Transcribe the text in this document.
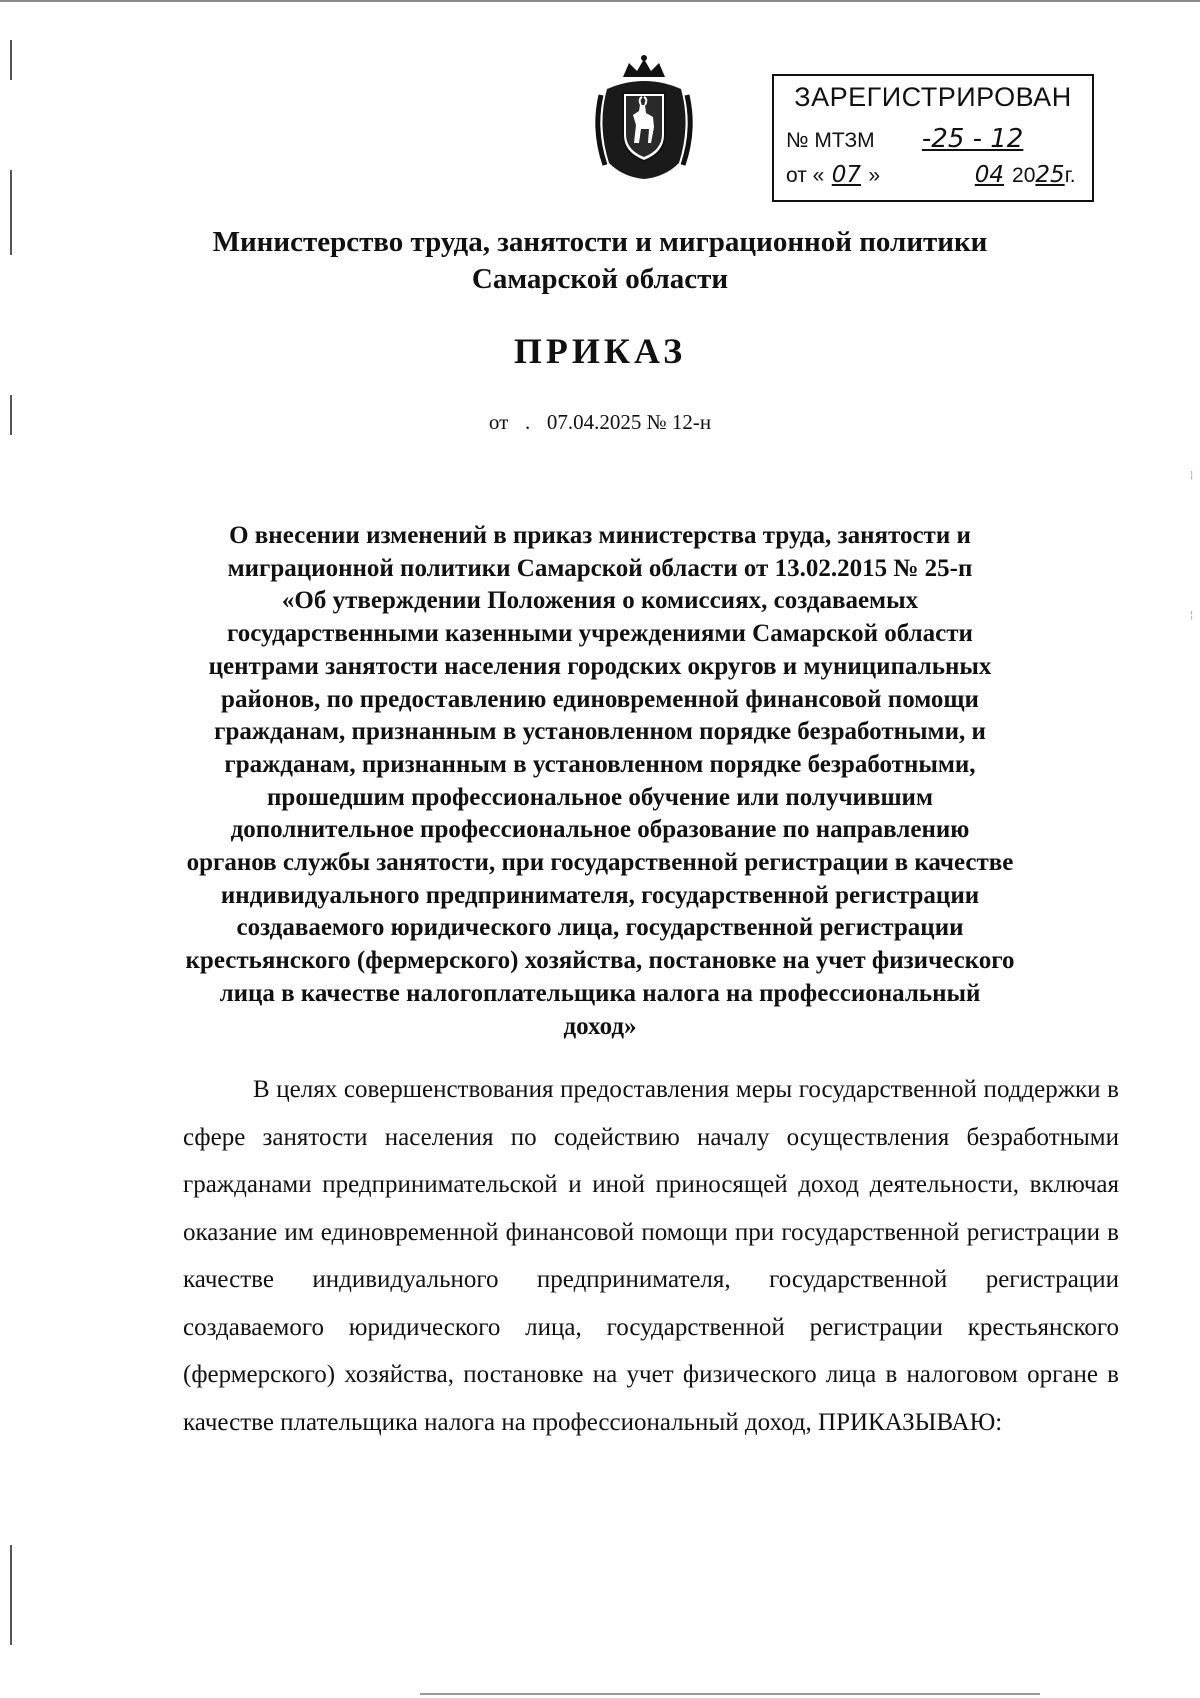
¦
¦
ЗАРЕГИСТРИРОВАН
№ МТЗМ -25 - 12
от « 07 »	04 2025г.
Министерство труда, занятости и миграционной политики
Самарской области
ПРИКАЗ
от . 07.04.2025 № 12-н
О внесении изменений в приказ министерства труда, занятости и
миграционной политики Самарской области от 13.02.2015 № 25-п
«Об утверждении Положения о комиссиях, создаваемых
государственными казенными учреждениями Самарской области
центрами занятости населения городских округов и муниципальных
районов, по предоставлению единовременной финансовой помощи
гражданам, признанным в установленном порядке безработными, и
гражданам, признанным в установленном порядке безработными,
прошедшим профессиональное обучение или получившим
дополнительное профессиональное образование по направлению
органов службы занятости, при государственной регистрации в качестве
индивидуального предпринимателя, государственной регистрации
создаваемого юридического лица, государственной регистрации
крестьянского (фермерского) хозяйства, постановке на учет физического
лица в качестве налогоплательщика налога на профессиональный
доход»
В целях совершенствования предоставления меры государственной поддержки в сфере занятости населения по содействию началу осуществления безработными гражданами предпринимательской и иной приносящей доход деятельности, включая оказание им единовременной финансовой помощи при государственной регистрации в качестве индивидуального предпринимателя, государственной регистрации создаваемого юридического лица, государственной регистрации крестьянского (фермерского) хозяйства, постановке на учет физического лица в налоговом органе в качестве плательщика налога на профессиональный доход, ПРИКАЗЫВАЮ:
